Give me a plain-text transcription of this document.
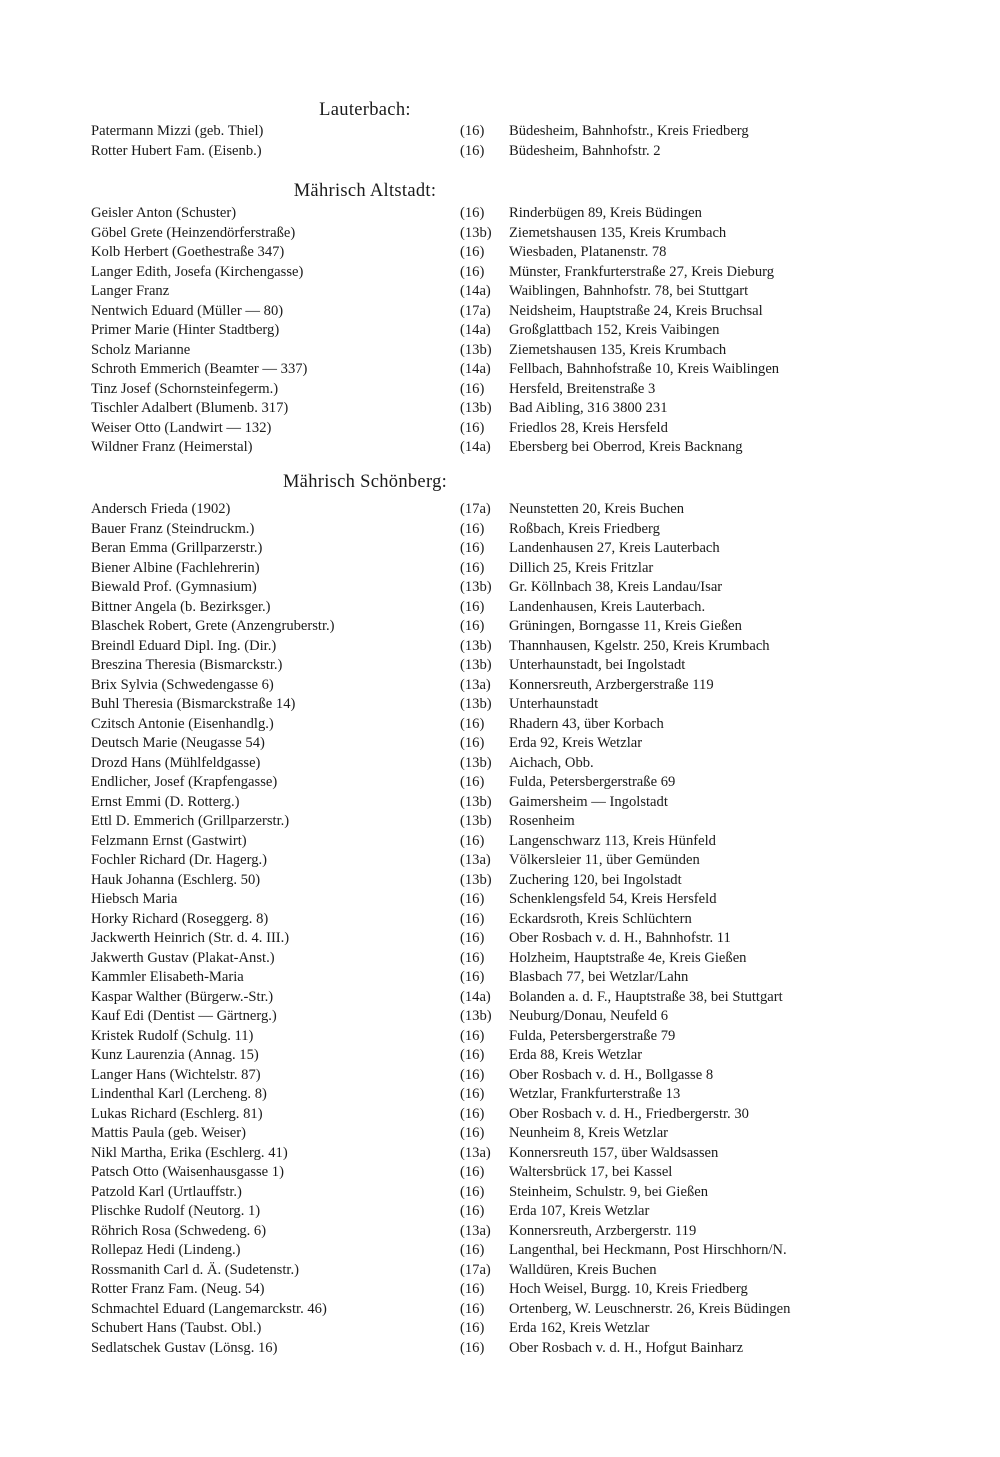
Lauterbach:
Patermann Mizzi (geb. Thiel)	(16)	Büdesheim, Bahnhofstr., Kreis Friedberg
Rotter Hubert Fam. (Eisenb.)	(16)	Büdesheim, Bahnhofstr. 2
Mährisch Altstadt:
Geisler Anton (Schuster)	(16)	Rinderbügen 89, Kreis Büdingen
Göbel Grete (Heinzendörferstraße)	(13b)	Ziemetshausen 135, Kreis Krumbach
Kolb Herbert (Goethestraße 347)	(16)	Wiesbaden, Platanenstr. 78
Langer Edith, Josefa (Kirchengasse)	(16)	Münster, Frankfurterstraße 27, Kreis Dieburg
Langer Franz	(14a)	Waiblingen, Bahnhofstr. 78, bei Stuttgart
Nentwich Eduard (Müller — 80)	(17a)	Neidsheim, Hauptstraße 24, Kreis Bruchsal
Primer Marie (Hinter Stadtberg)	(14a)	Großglattbach 152, Kreis Vaibingen
Scholz Marianne	(13b)	Ziemetshausen 135, Kreis Krumbach
Schroth Emmerich (Beamter — 337)	(14a)	Fellbach, Bahnhofstraße 10, Kreis Waiblingen
Tinz Josef (Schornsteinfegerm.)	(16)	Hersfeld, Breitenstraße 3
Tischler Adalbert (Blumenb. 317)	(13b)	Bad Aibling, 316 3800 231
Weiser Otto (Landwirt — 132)	(16)	Friedlos 28, Kreis Hersfeld
Wildner Franz (Heimerstal)	(14a)	Ebersberg bei Oberrod, Kreis Backnang
Mährisch Schönberg:
Andersch Frieda (1902)	(17a)	Neunstetten 20, Kreis Buchen
Bauer Franz (Steindruckm.)	(16)	Roßbach, Kreis Friedberg
Beran Emma (Grillparzerstr.)	(16)	Landenhausen 27, Kreis Lauterbach
Biener Albine (Fachlehrerin)	(16)	Dillich 25, Kreis Fritzlar
Biewald Prof. (Gymnasium)	(13b)	Gr. Köllnbach 38, Kreis Landau/Isar
Bittner Angela (b. Bezirksger.)	(16)	Landenhausen, Kreis Lauterbach.
Blaschek Robert, Grete (Anzengruberstr.)	(16)	Grüningen, Borngasse 11, Kreis Gießen
Breindl Eduard Dipl. Ing. (Dir.)	(13b)	Thannhausen, Kgelstr. 250, Kreis Krumbach
Breszina Theresia (Bismarckstr.)	(13b)	Unterhaunstadt, bei Ingolstadt
Brix Sylvia (Schwedengasse 6)	(13a)	Konnersreuth, Arzbergerstraße 119
Buhl Theresia (Bismarckstraße 14)	(13b)	Unterhaunstadt
Czitsch Antonie (Eisenhandlg.)	(16)	Rhadern 43, über Korbach
Deutsch Marie (Neugasse 54)	(16)	Erda 92, Kreis Wetzlar
Drozd Hans (Mühlfeldgasse)	(13b)	Aichach, Obb.
Endlicher, Josef (Krapfengasse)	(16)	Fulda, Petersbergerstraße 69
Ernst Emmi (D. Rotterg.)	(13b)	Gaimersheim — Ingolstadt
Ettl D. Emmerich (Grillparzerstr.)	(13b)	Rosenheim
Felzmann Ernst (Gastwirt)	(16)	Langenschwarz 113, Kreis Hünfeld
Fochler Richard (Dr. Hagerg.)	(13a)	Völkersleier 11, über Gemünden
Hauk Johanna (Eschlerg. 50)	(13b)	Zuchering 120, bei Ingolstadt
Hiebsch Maria	(16)	Schenklengsfeld 54, Kreis Hersfeld
Horky Richard (Roseggerg. 8)	(16)	Eckardsroth, Kreis Schlüchtern
Jackwerth Heinrich (Str. d. 4. III.)	(16)	Ober Rosbach v. d. H., Bahnhofstr. 11
Jakwerth Gustav (Plakat-Anst.)	(16)	Holzheim, Hauptstraße 4e, Kreis Gießen
Kammler Elisabeth-Maria	(16)	Blasbach 77, bei Wetzlar/Lahn
Kaspar Walther (Bürgerw.-Str.)	(14a)	Bolanden a. d. F., Hauptstraße 38, bei Stuttgart
Kauf Edi (Dentist — Gärtnerg.)	(13b)	Neuburg/Donau, Neufeld 6
Kristek Rudolf (Schulg. 11)	(16)	Fulda, Petersbergerstraße 79
Kunz Laurenzia (Annag. 15)	(16)	Erda 88, Kreis Wetzlar
Langer Hans (Wichtelstr. 87)	(16)	Ober Rosbach v. d. H., Bollgasse 8
Lindenthal Karl (Lercheng. 8)	(16)	Wetzlar, Frankfurterstraße 13
Lukas Richard (Eschlerg. 81)	(16)	Ober Rosbach v. d. H., Friedbergerstr. 30
Mattis Paula (geb. Weiser)	(16)	Neunheim 8, Kreis Wetzlar
Nikl Martha, Erika (Eschlerg. 41)	(13a)	Konnersreuth 157, über Waldsassen
Patsch Otto (Waisenhausgasse 1)	(16)	Waltersbrück 17, bei Kassel
Patzold Karl (Urtlauffstr.)	(16)	Steinheim, Schulstr. 9, bei Gießen
Plischke Rudolf (Neutorg. 1)	(16)	Erda 107, Kreis Wetzlar
Röhrich Rosa (Schwedeng. 6)	(13a)	Konnersreuth, Arzbergerstr. 119
Rollepaz Hedi (Lindeng.)	(16)	Langenthal, bei Heckmann, Post Hirschhorn/N.
Rossmanith Carl d. Ä. (Sudetenstr.)	(17a)	Walldüren, Kreis Buchen
Rotter Franz Fam. (Neug. 54)	(16)	Hoch Weisel, Burgg. 10, Kreis Friedberg
Schmachtel Eduard (Langemarckstr. 46)	(16)	Ortenberg, W. Leuschnerstr. 26, Kreis Büdingen
Schubert Hans (Taubst. Obl.)	(16)	Erda 162, Kreis Wetzlar
Sedlatschek Gustav (Lönsg. 16)	(16)	Ober Rosbach v. d. H., Hofgut Bainharz
